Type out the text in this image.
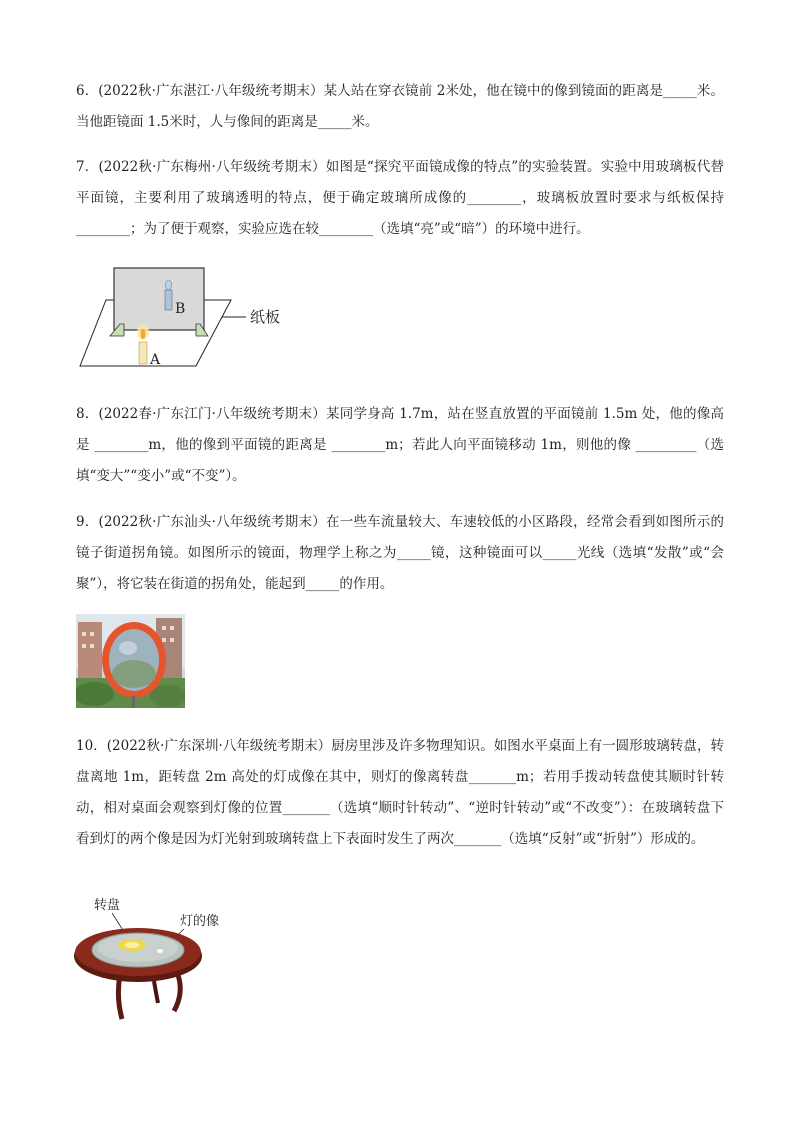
6．(2022秋·广东湛江·八年级统考期末）某人站在穿衣镜前 2米处，他在镜中的像到镜面的距离是_____米。当他距镜面 1.5米时，人与像间的距离是_____米。

7．(2022秋·广东梅州·八年级统考期末）如图是“探究平面镜成像的特点”的实验装置。实验中用玻璃板代替平面镜，主要利用了玻璃透明的特点，便于确定玻璃所成像的________，玻璃板放置时要求与纸板保持________；为了便于观察，实验应选在较________（选填“亮”或“暗”）的环境中进行。

B
A
纸板

8．(2022春·广东江门·八年级统考期末）某同学身高 1.7m，站在竖直放置的平面镜前 1.5m 处，他的像高是 ________m，他的像到平面镜的距离是 ________m；若此人向平面镜移动 1m，则他的像 _________（选填“变大”“变小”或“不变”）。

9．(2022秋·广东汕头·八年级统考期末）在一些车流量较大、车速较低的小区路段，经常会看到如图所示的镜子街道拐角镜。如图所示的镜面，物理学上称之为_____镜，这种镜面可以_____光线（选填“发散”或“会聚”），将它装在街道的拐角处，能起到_____的作用。

10．(2022秋·广东深圳·八年级统考期末）厨房里涉及许多物理知识。如图水平桌面上有一圆形玻璃转盘，转盘离地 1m，距转盘 2m 高处的灯成像在其中，则灯的像离转盘_______m；若用手拨动转盘使其顺时针转动，相对桌面会观察到灯像的位置_______（选填“顺时针转动”、“逆时针转动”或“不改变”）：在玻璃转盘下看到灯的两个像是因为灯光射到玻璃转盘上下表面时发生了两次_______（选填“反射”或“折射”）形成的。

转盘
灯的像
